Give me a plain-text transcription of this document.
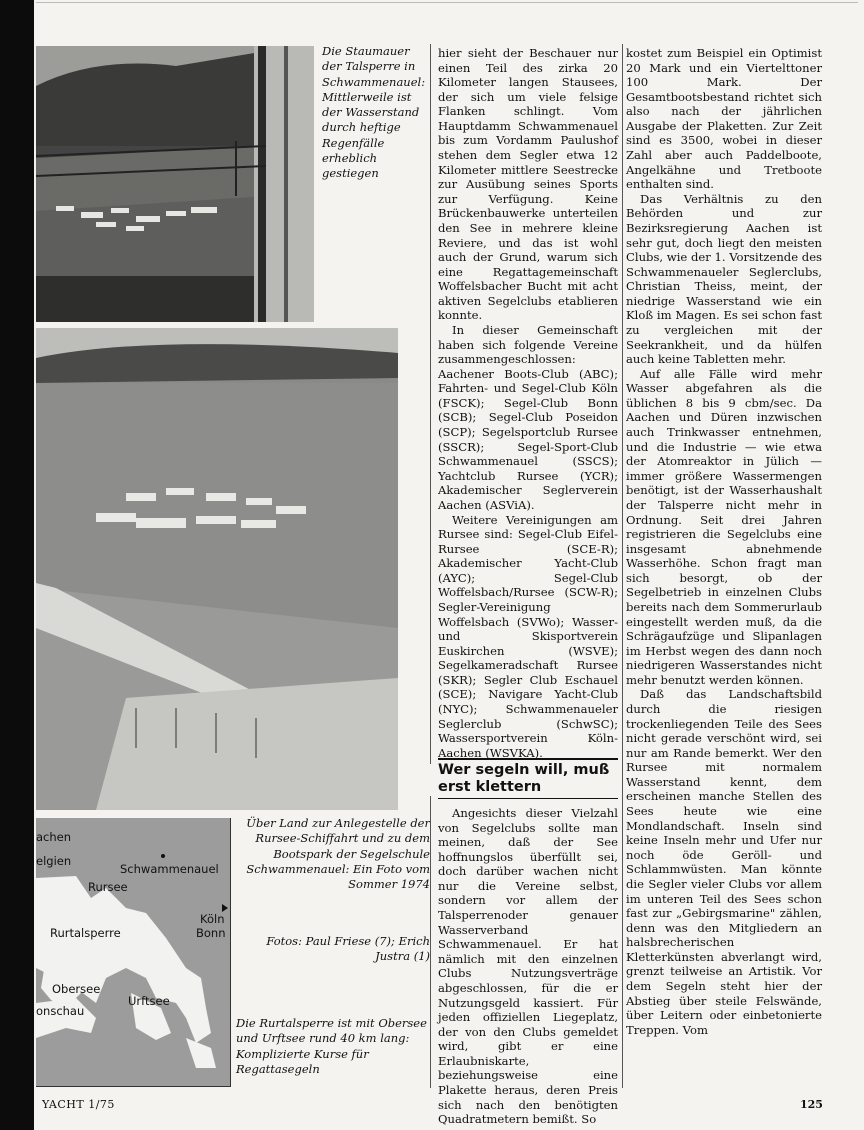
Die Staumauer der Talsperre in Schwammenauel: Mittlerweile ist der Wasserstand durch heftige Regenfälle erheblich gestiegen
Über Land zur Anlegestelle der Rursee-Schiffahrt und zu dem Bootspark der Segelschule Schwammenauel: Ein Foto vom Sommer 1974
Fotos: Paul Friese (7); Erich Justra (1)
achen
elgien
Schwammenauel
Rursee
Köln
Bonn
Rurtalsperre
Obersee
Urftsee
onschau
Die Rurtalsperre ist mit Obersee und Urftsee rund 40 km lang: Komplizierte Kurse für Regattasegeln

hier sieht der Beschauer nur einen Teil des zirka 20 Kilometer langen Stausees, der sich um viele felsige Flanken schlingt. Vom Hauptdamm Schwammenauel bis zum Vordamm Paulushof stehen dem Segler etwa 12 Kilometer mittlere Seestrecke zur Ausübung seines Sports zur Verfügung. Keine Brückenbauwerke unterteilen den See in mehrere kleine Reviere, und das ist wohl auch der Grund, warum sich eine Regattagemeinschaft Woffelsbacher Bucht mit acht aktiven Segelclubs etablieren konnte.

In dieser Gemeinschaft haben sich folgende Vereine zusammengeschlossen: Aachener Boots-Club (ABC); Fahrten- und Segel-Club Köln (FSCK); Segel-Club Bonn (SCB); Segel-Club Poseidon (SCP); Segelsportclub Rursee (SSCR); Segel-Sport-Club Schwammenauel (SSCS); Yachtclub Rursee (YCR); Akademischer Seglerverein Aachen (ASViA).

Weitere Vereinigungen am Rursee sind: Segel-Club Eifel-Rursee (SCE-R); Akademischer Yacht-Club (AYC); Segel-Club Woffelsbach/Rursee (SCW-R); Segler-Vereinigung Woffelsbach (SVWo); Wasser- und Skisportverein Euskirchen (WSVE); Segelkameradschaft Rursee (SKR); Segler Club Eschauel (SCE); Navigare Yacht-Club (NYC); Schwammenaueler Seglerclub (SchwSC); Wassersportverein Köln-Aachen (WSVKA).

Wer segeln will, muß erst klettern

Angesichts dieser Vielzahl von Segelclubs sollte man meinen, daß der See hoffnungslos überfüllt sei, doch darüber wachen nicht nur die Vereine selbst, sondern vor allem der Talsperrenoder genauer Wasserverband Schwammenauel. Er hat nämlich mit den einzelnen Clubs Nutzungsverträge abgeschlossen, für die er Nutzungsgeld kassiert. Für jeden offiziellen Liegeplatz, der von den Clubs gemeldet wird, gibt er eine Erlaubniskarte, beziehungsweise eine Plakette heraus, deren Preis sich nach den benötigten Quadratmetern bemißt. So

kostet zum Beispiel ein Optimist 20 Mark und ein Viertelttoner 100 Mark. Der Gesamtbootsbestand richtet sich also nach der jährlichen Ausgabe der Plaketten. Zur Zeit sind es 3500, wobei in dieser Zahl aber auch Paddelboote, Angelkähne und Tretboote enthalten sind.

Das Verhältnis zu den Behörden und zur Bezirksregierung Aachen ist sehr gut, doch liegt den meisten Clubs, wie der 1. Vorsitzende des Schwammenaueler Seglerclubs, Christian Theiss, meint, der niedrige Wasserstand wie ein Kloß im Magen. Es sei schon fast zu vergleichen mit der Seekrankheit, und da hülfen auch keine Tabletten mehr.

Auf alle Fälle wird mehr Wasser abgefahren als die üblichen 8 bis 9 cbm/sec. Da Aachen und Düren inzwischen auch Trinkwasser entnehmen, und die Industrie — wie etwa der Atomreaktor in Jülich — immer größere Wassermengen benötigt, ist der Wasserhaushalt der Talsperre nicht mehr in Ordnung. Seit drei Jahren registrieren die Segelclubs eine insgesamt abnehmende Wasserhöhe. Schon fragt man sich besorgt, ob der Segelbetrieb in einzelnen Clubs bereits nach dem Sommerurlaub eingestellt werden muß, da die Schrägaufzüge und Slipanlagen im Herbst wegen des dann noch niedrigeren Wasserstandes nicht mehr benutzt werden können.

Daß das Landschaftsbild durch die riesigen trockenliegenden Teile des Sees nicht gerade verschönt wird, sei nur am Rande bemerkt. Wer den Rursee mit normalem Wasserstand kennt, dem erscheinen manche Stellen des Sees heute wie eine Mondlandschaft. Inseln sind keine Inseln mehr und Ufer nur noch öde Geröll- und Schlammwüsten. Man könnte die Segler vieler Clubs vor allem im unteren Teil des Sees schon fast zur „Gebirgsmarine" zählen, denn was den Mitgliedern an halsbrecherischen Kletterkünsten abverlangt wird, grenzt teilweise an Artistik. Vor dem Segeln steht hier der Abstieg über steile Felswände, über Leitern oder einbetonierte Treppen. Vom

YACHT 1/75	125
